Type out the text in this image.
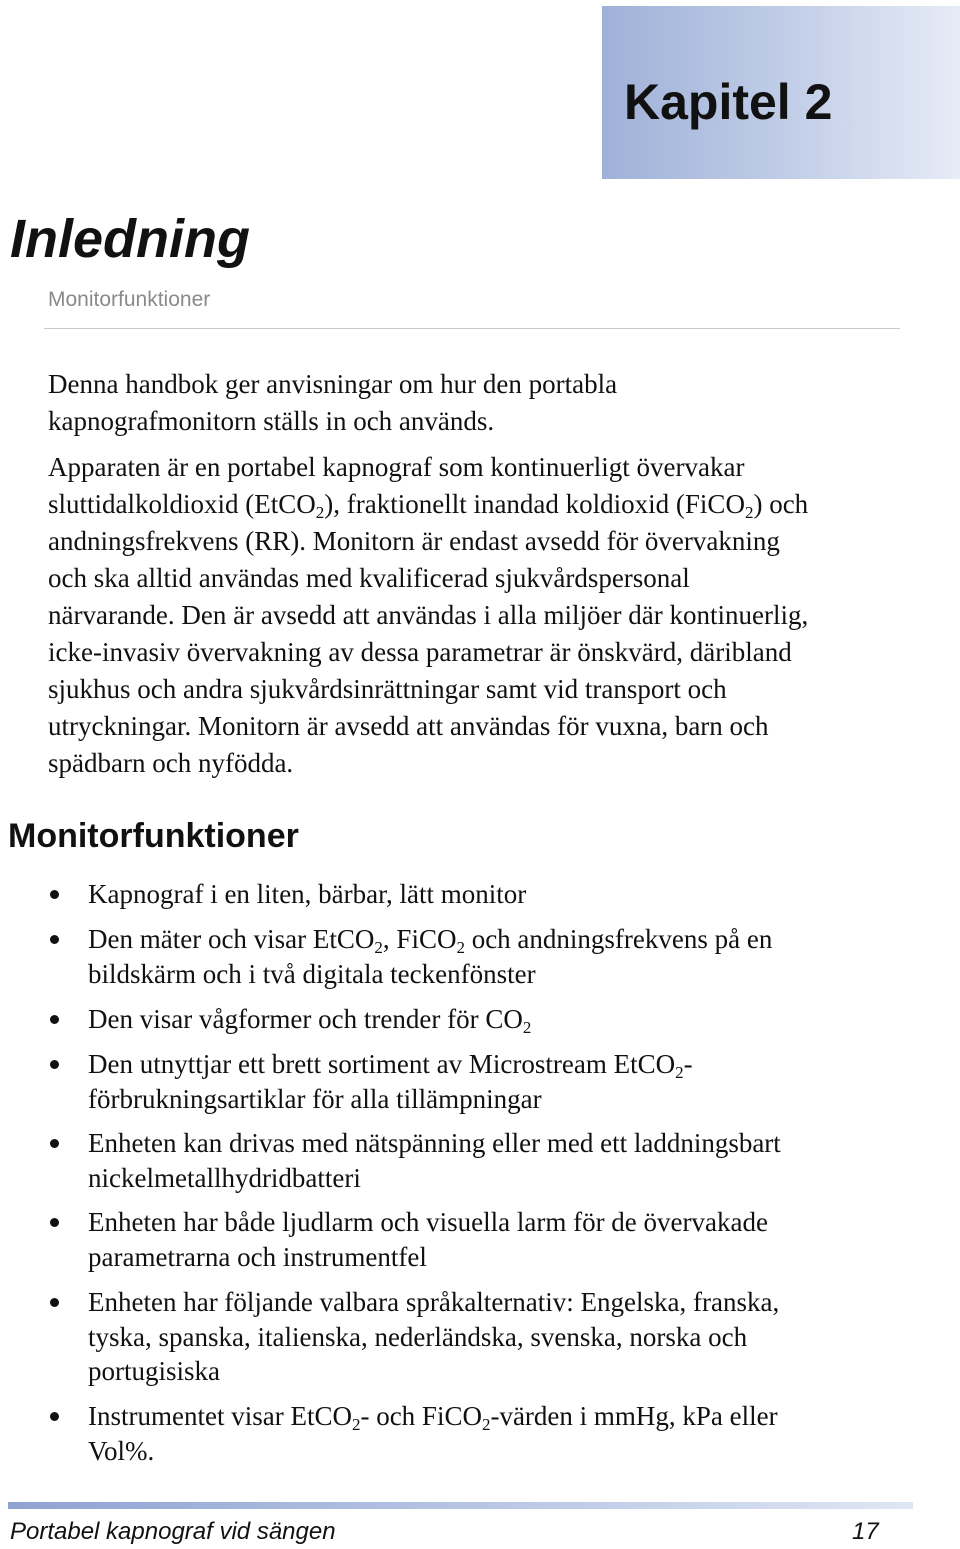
Kapitel 2
Inledning
Monitorfunktioner

Denna handbok ger anvisningar om hur den portabla
kapnografmonitorn ställs in och används.

Apparaten är en portabel kapnograf som kontinuerligt övervakar
sluttidalkoldioxid (EtCO$_2$), fraktionellt inandad koldioxid (FiCO$_2$) och
andningsfrekvens (RR). Monitorn är endast avsedd för övervakning
och ska alltid användas med kvalificerad sjukvårdspersonal
närvarande. Den är avsedd att användas i alla miljöer där kontinuerlig,
icke-invasiv övervakning av dessa parametrar är önskvärd, däribland
sjukhus och andra sjukvårdsinrättningar samt vid transport och
utryckningar. Monitorn är avsedd att användas för vuxna, barn och
spädbarn och nyfödda.

Monitorfunktioner
Kapnograf i en liten, bärbar, lätt monitor
Den mäter och visar EtCO$_2$, FiCO$_2$ och andningsfrekvens på en
bildskärm och i två digitala teckenfönster
Den visar vågformer och trender för $CO_2$
Den utnyttjar ett brett sortiment av Microstream EtCO$_2$-
förbrukningsartiklar för alla tillämpningar
Enheten kan drivas med nätspänning eller med ett laddningsbart
nickelmetallhydridbatteri
Enheten har både ljudlarm och visuella larm för de övervakade
parametrarna och instrumentfel
Enheten har följande valbara språkalternativ: Engelska, franska,
tyska, spanska, italienska, nederländska, svenska, norska och
portugisiska
Instrumentet visar EtCO$_2$- och FiCO$_2$-värden i mmHg, kPa eller
Vol%.
Portabel kapnograf vid sängen	17
